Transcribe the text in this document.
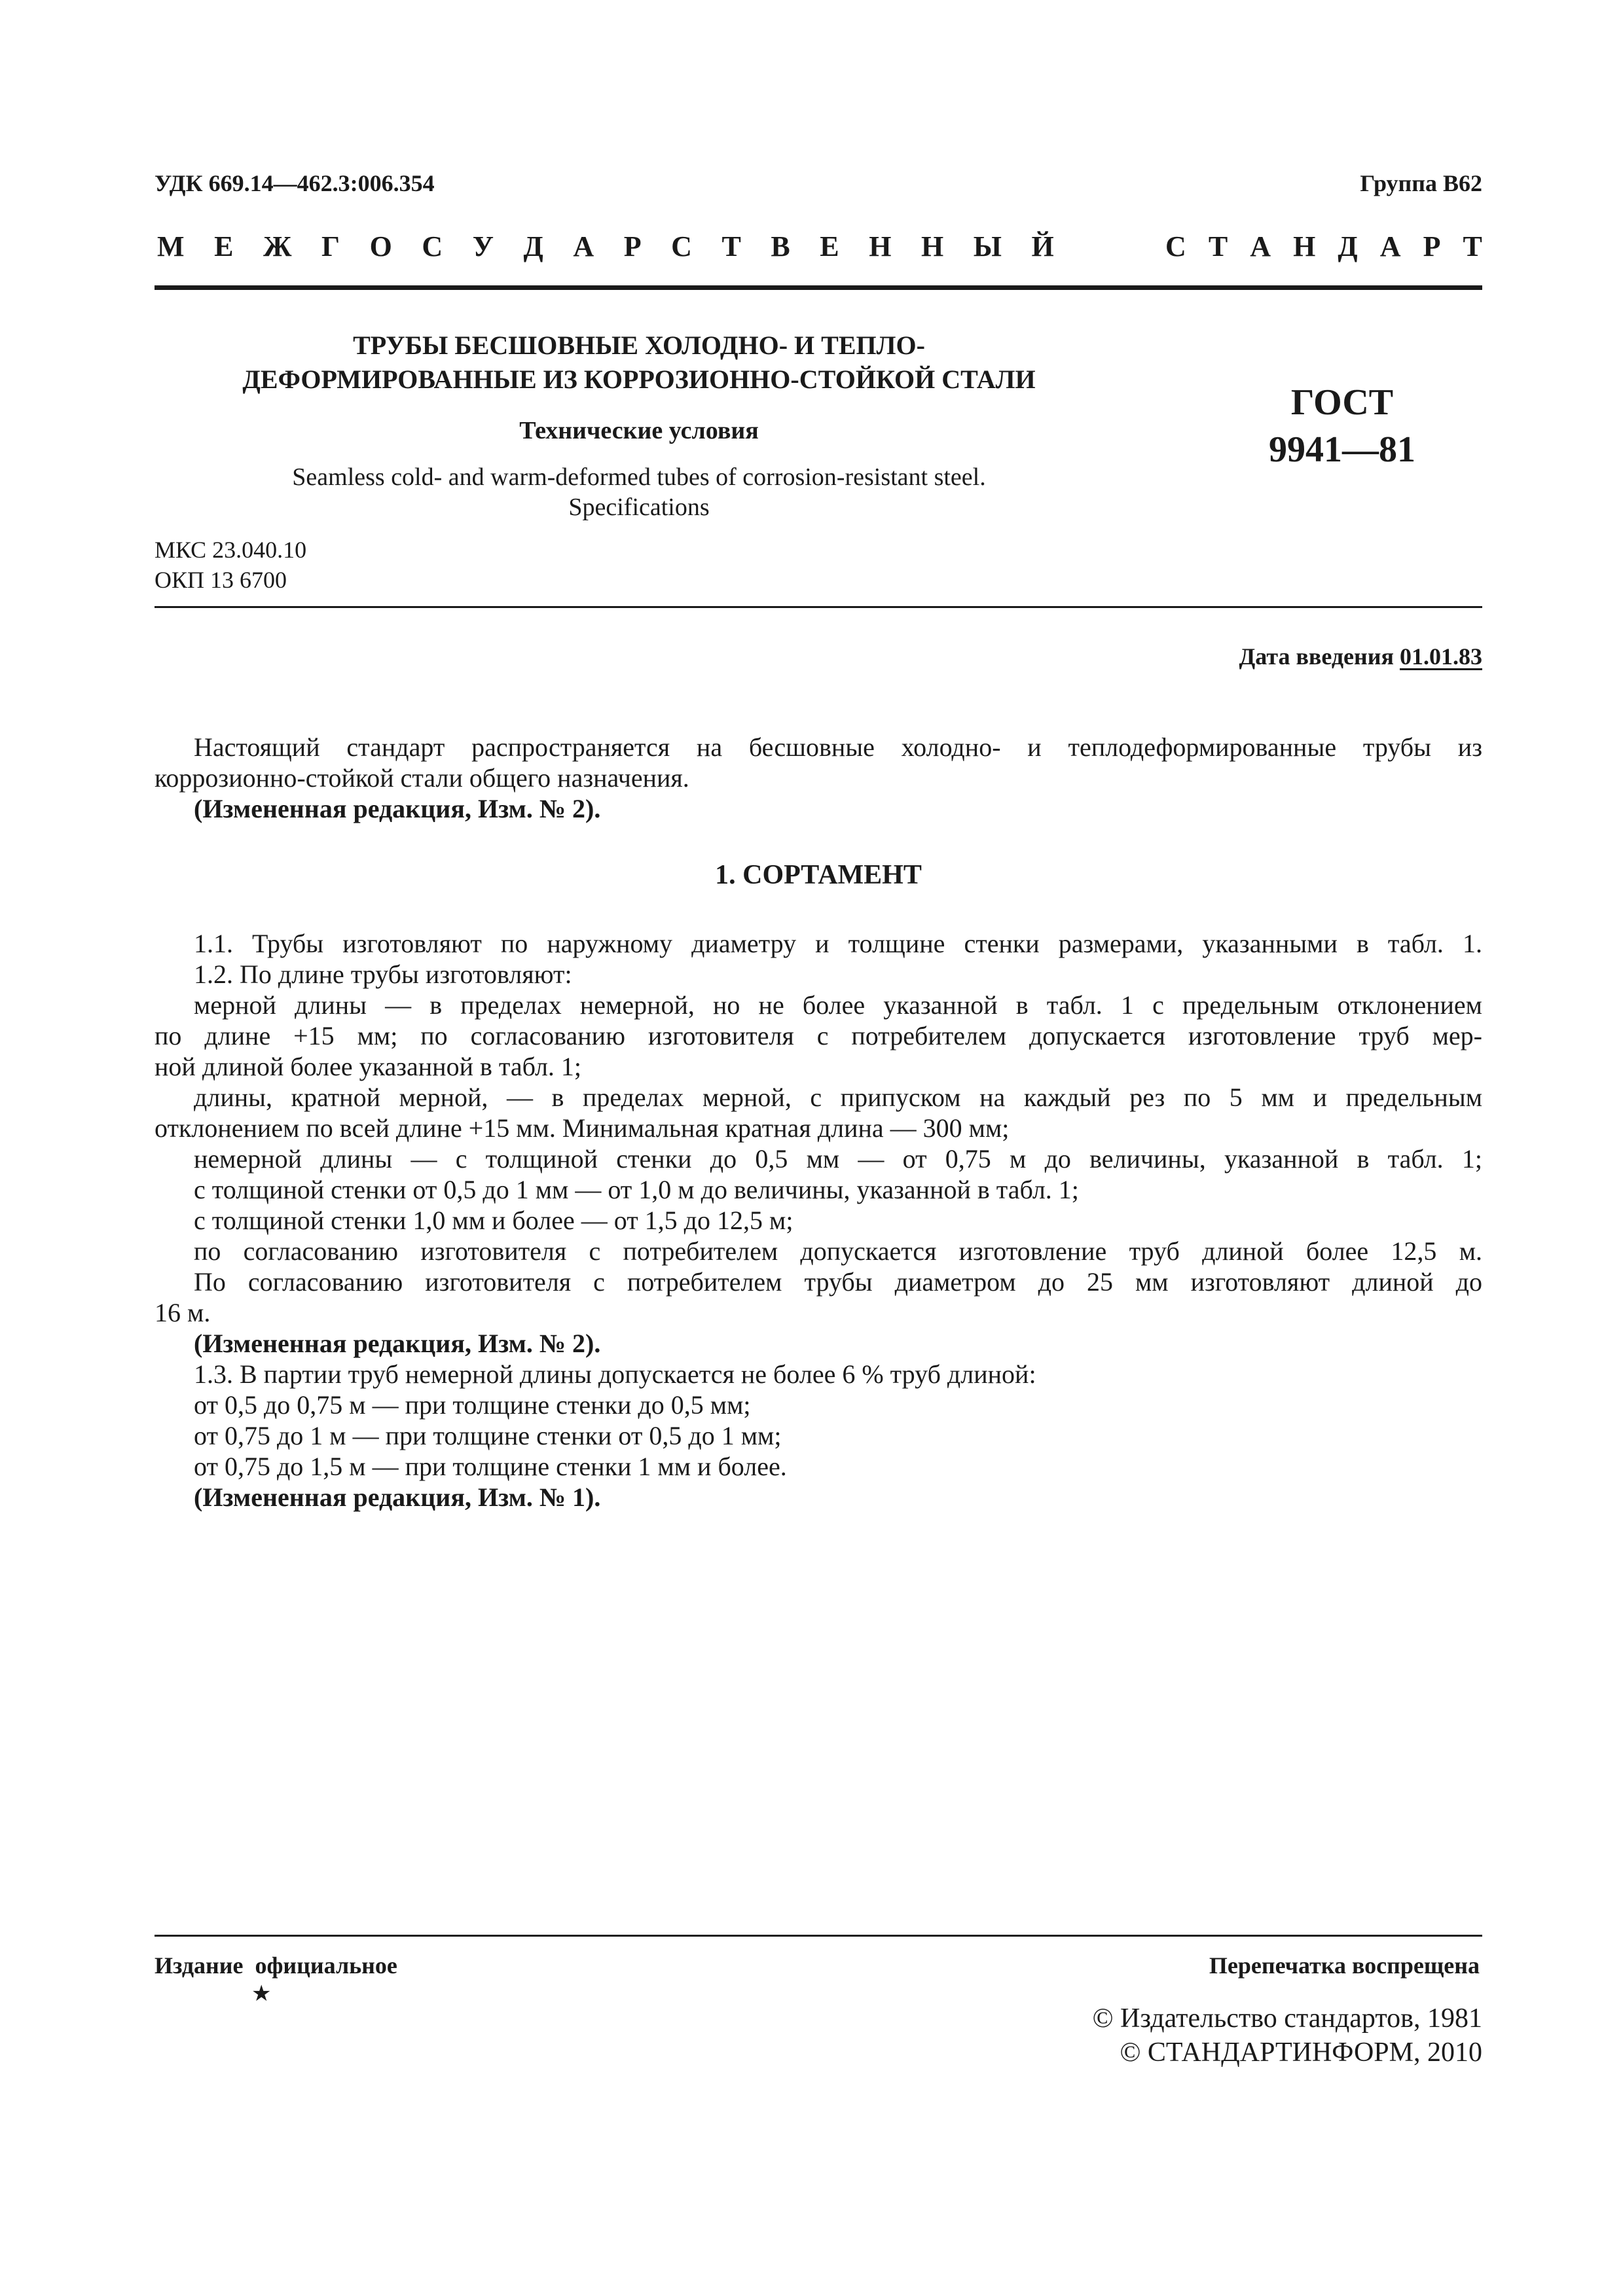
УДК 669.14—462.3:006.354	Группа В62
М Е Ж Г О С У Д А Р С Т В Е Н Н Ы Й	С Т А Н Д А Р Т
ТРУБЫ БЕСШОВНЫЕ ХОЛОДНО- И ТЕПЛО-
ДЕФОРМИРОВАННЫЕ ИЗ КОРРОЗИОННО-СТОЙКОЙ СТАЛИ
Технические условия
Seamless cold- and warm-deformed tubes of corrosion-resistant steel.
Specifications
ГОСТ
9941—81
МКС 23.040.10
ОКП 13 6700
Дата введения 01.01.83
Настоящий стандарт распространяется на бесшовные холодно- и теплодеформированные трубы из
коррозионно-стойкой стали общего назначения.
(Измененная редакция, Изм. № 2).
1. СОРТАМЕНТ
1.1. Трубы изготовляют по наружному диаметру и толщине стенки размерами, указанными в табл. 1.
1.2. По длине трубы изготовляют:
мерной длины — в пределах немерной, но не более указанной в табл. 1 с предельным отклонением
по длине +15 мм; по согласованию изготовителя с потребителем допускается изготовление труб мер-
ной длиной более указанной в табл. 1;
длины, кратной мерной, — в пределах мерной, с припуском на каждый рез по 5 мм и предельным
отклонением по всей длине +15 мм. Минимальная кратная длина — 300 мм;
немерной длины — с толщиной стенки до 0,5 мм — от 0,75 м до величины, указанной в табл. 1;
с толщиной стенки от 0,5 до 1 мм — от 1,0 м до величины, указанной в табл. 1;
с толщиной стенки 1,0 мм и более — от 1,5 до 12,5 м;
по согласованию изготовителя с потребителем допускается изготовление труб длиной более 12,5 м.
По согласованию изготовителя с потребителем трубы диаметром до 25 мм изготовляют длиной до
16 м.
(Измененная редакция, Изм. № 2).
1.3. В партии труб немерной длины допускается не более 6 % труб длиной:
от 0,5 до 0,75 м — при толщине стенки до 0,5 мм;
от 0,75 до 1 м — при толщине стенки от 0,5 до 1 мм;
от 0,75 до 1,5 м — при толщине стенки 1 мм и более.
(Измененная редакция, Изм. № 1).
Издание  официальное
★
Перепечатка воспрещена
© Издательство стандартов, 1981
© СТАНДАРТИНФОРМ, 2010
